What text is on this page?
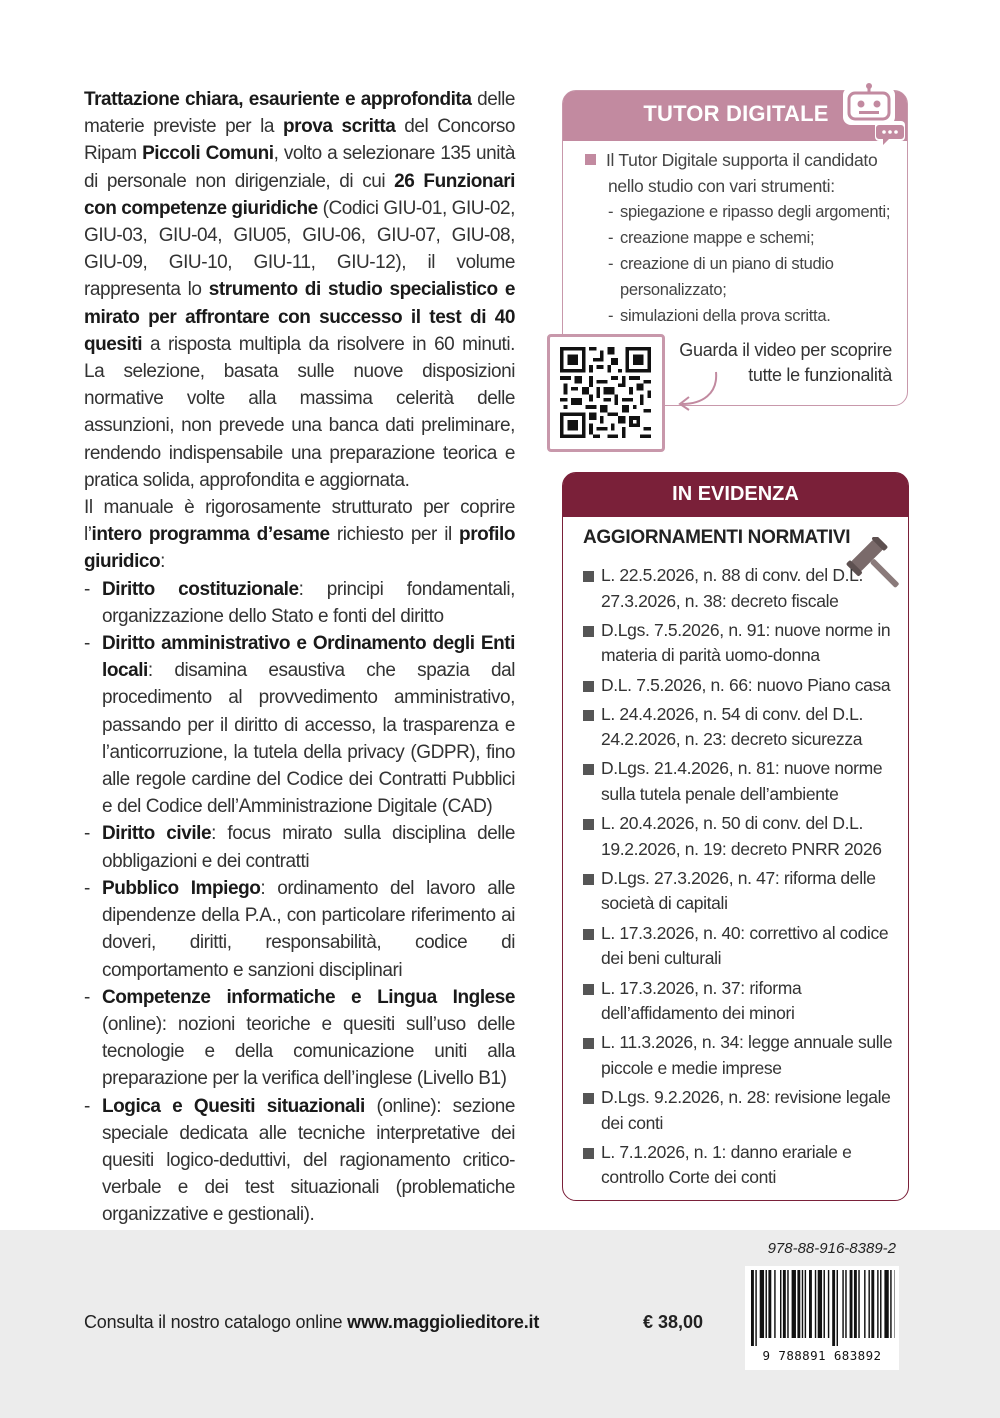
Trattazione chiara, esauriente e approfondita delle materie previste per la prova scritta del Concorso Ripam Piccoli Comuni, volto a selezionare 135 unità di personale non dirigenziale, di cui 26 Funzionari con competenze giuridiche (Codici GIU-01, GIU-02, GIU-03, GIU-04, GIU05, GIU-06, GIU-07, GIU-08, GIU-09, GIU-10, GIU-11, GIU-12), il volume rappresenta lo strumento di studio specialistico e mirato per affrontare con successo il test di 40 quesiti a risposta multipla da risolvere in 60 minuti. La selezione, basata sulle nuove disposizioni normative volte alla massima celerità delle assunzioni, non prevede una banca dati preliminare, rendendo indispensabile una preparazione teorica e pratica solida, approfondita e aggiornata.

Il manuale è rigorosamente strutturato per coprire l’intero programma d’esame richiesto per il profilo giuridico:

- Diritto costituzionale: principi fondamentali, organizzazione dello Stato e fonti del diritto
- Diritto amministrativo e Ordinamento degli Enti locali: disamina esaustiva che spazia dal procedimento al provvedimento amministrativo, passando per il diritto di accesso, la trasparenza e l’anticorruzione, la tutela della privacy (GDPR), fino alle regole cardine del Codice dei Contratti Pubblici e del Codice dell’Amministrazione Digitale (CAD)
- Diritto civile: focus mirato sulla disciplina delle obbligazioni e dei contratti
- Pubblico Impiego: ordinamento del lavoro alle dipendenze della P.A., con particolare riferimento ai doveri, diritti, responsabilità, codice di comportamento e sanzioni disciplinari
- Competenze informatiche e Lingua Inglese (online): nozioni teoriche e quesiti sull’uso delle tecnologie e della comunicazione uniti alla preparazione per la verifica dell’inglese (Livello B1)
- Logica e Quesiti situazionali (online): sezione speciale dedicata alle tecniche interpretative dei quesiti logico-deduttivi, del ragionamento critico-verbale e dei test situazionali (problematiche organizzative e gestionali).
TUTOR DIGITALE
Il Tutor Digitale supporta il candidato nello studio con vari strumenti:
- spiegazione e ripasso degli argomenti;
- creazione mappe e schemi;
- creazione di un piano di studio personalizzato;
- simulazioni della prova scritta.
Guarda il video per scoprire tutte le funzionalità
IN EVIDENZA
AGGIORNAMENTI NORMATIVI
L. 22.5.2026, n. 88 di conv. del D.L. 27.3.2026, n. 38: decreto fiscale
D.Lgs. 7.5.2026, n. 91: nuove norme in materia di parità uomo-donna
D.L. 7.5.2026, n. 66: nuovo Piano casa
L. 24.4.2026, n. 54 di conv. del D.L. 24.2.2026, n. 23: decreto sicurezza
D.Lgs. 21.4.2026, n. 81: nuove norme sulla tutela penale dell’ambiente
L. 20.4.2026, n. 50 di conv. del D.L. 19.2.2026, n. 19: decreto PNRR 2026
D.Lgs. 27.3.2026, n. 47: riforma delle società di capitali
L. 17.3.2026, n. 40: correttivo al codice dei beni culturali
L. 17.3.2026, n. 37: riforma dell’affidamento dei minori
L. 11.3.2026, n. 34: legge annuale sulle piccole e medie imprese
D.Lgs. 9.2.2026, n. 28: revisione legale dei conti
L. 7.1.2026, n. 1: danno erariale e controllo Corte dei conti
Consulta il nostro catalogo online www.maggiolieditore.it	€ 38,00
978-88-916-8389-2
9 788891 683892
